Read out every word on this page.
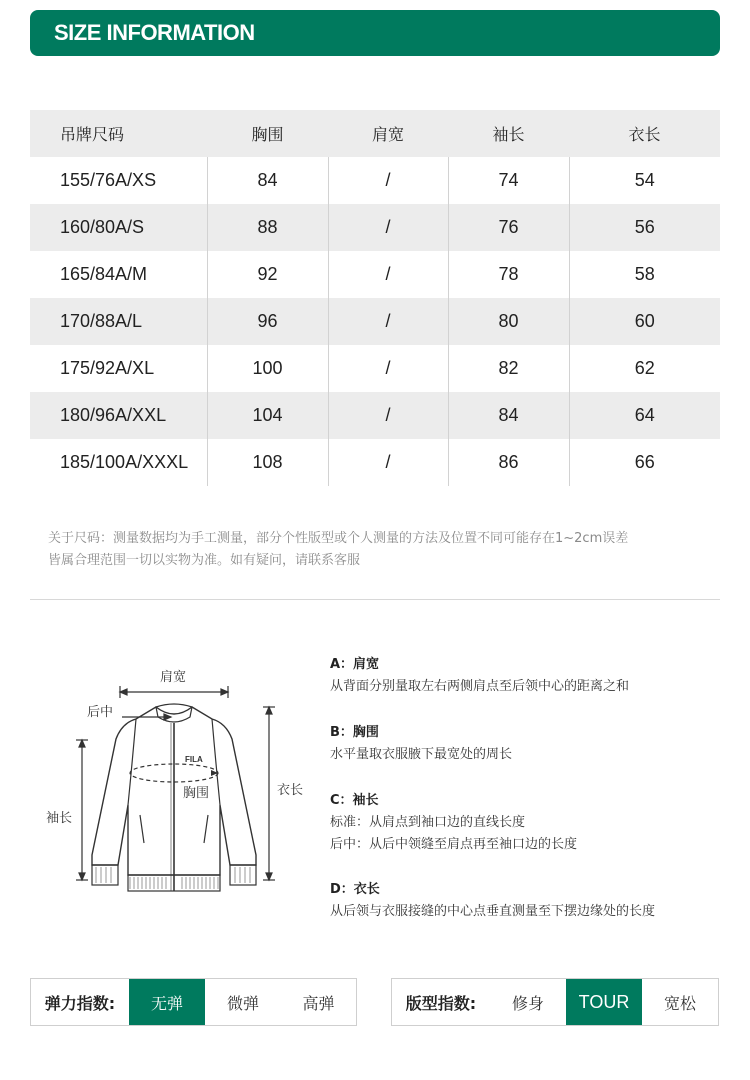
SIZE INFORMATION
吊牌尺码	胸围	肩宽	袖长	衣长
155/76A/XS	84	/	74	54
160/80A/S	88	/	76	56
165/84A/M	92	/	78	58
170/88A/L	96	/	80	60
175/92A/XL	100	/	82	62
180/96A/XXL	104	/	84	64
185/100A/XXXL	108	/	86	66
关于尺码：测量数据均为手工测量，部分个性版型或个人测量的方法及位置不同可能存在1~2cm误差
皆属合理范围一切以实物为准。如有疑问，请联系客服
FILA
肩宽
后中
胸围
袖长
衣长
A：肩宽
从背面分别量取左右两侧肩点至后领中心的距离之和
B：胸围
水平量取衣服腋下最宽处的周长
C：袖长
标准：从肩点到袖口边的直线长度
后中：从后中领缝至肩点再至袖口边的长度
D：衣长
从后领与衣服接缝的中心点垂直测量至下摆边缘处的长度
弹力指数:	无弹	微弹	高弹	版型指数:	修身	TOUR	宽松
